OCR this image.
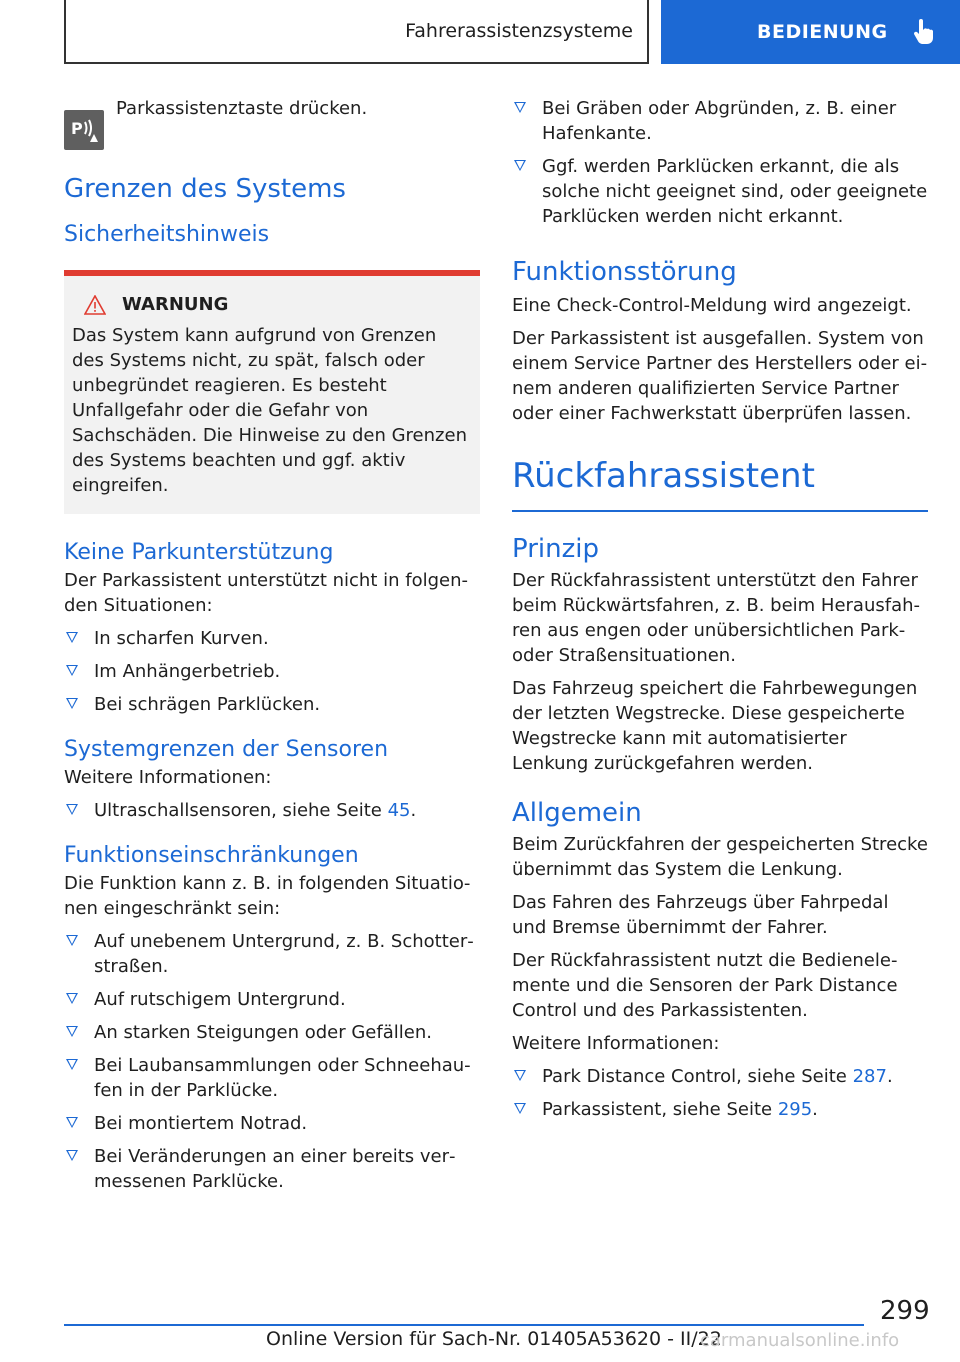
Fahrerassistenzsysteme	BEDIENUNG
P
Parkassistenztaste drücken.
Grenzen des Systems
Sicherheitshinweis
WARNUNG
Das System kann aufgrund von Grenzen des Systems nicht, zu spät, falsch oder unbegründet reagieren. Es besteht Unfallgefahr oder die Gefahr von Sachschäden. Die Hinweise zu den Grenzen des Systems beachten und ggf. aktiv eingreifen.
Keine Parkunterstützung
Der Parkassistent unterstützt nicht in folgenden Situationen:
In scharfen Kurven.
Im Anhängerbetrieb.
Bei schrägen Parklücken.
Systemgrenzen der Sensoren
Weitere Informationen:
Ultraschallsensoren, siehe Seite 45.
Funktionseinschränkungen
Die Funktion kann z. B. in folgenden Situationen eingeschränkt sein:
Auf unebenem Untergrund, z. B. Schotterstraßen.
Auf rutschigem Untergrund.
An starken Steigungen oder Gefällen.
Bei Laubansammlungen oder Schneehaufen in der Parklücke.
Bei montiertem Notrad.
Bei Veränderungen an einer bereits vermessenen Parklücke.
Bei Gräben oder Abgründen, z. B. einer Hafenkante.
Ggf. werden Parklücken erkannt, die als solche nicht geeignet sind, oder geeignete Parklücken werden nicht erkannt.
Funktionsstörung
Eine Check-Control-Meldung wird angezeigt.
Der Parkassistent ist ausgefallen. System von einem Service Partner des Herstellers oder einem anderen qualifizierten Service Partner oder einer Fachwerkstatt überprüfen lassen.
Rückfahrassistent
Prinzip
Der Rückfahrassistent unterstützt den Fahrer beim Rückwärtsfahren, z. B. beim Herausfahren aus engen oder unübersichtlichen Park- oder Straßensituationen.
Das Fahrzeug speichert die Fahrbewegungen der letzten Wegstrecke. Diese gespeicherte Wegstrecke kann mit automatisierter Lenkung zurückgefahren werden.
Allgemein
Beim Zurückfahren der gespeicherten Strecke übernimmt das System die Lenkung.
Das Fahren des Fahrzeugs über Fahrpedal und Bremse übernimmt der Fahrer.
Der Rückfahrassistent nutzt die Bedienelemente und die Sensoren der Park Distance Control und des Parkassistenten.
Weitere Informationen:
Park Distance Control, siehe Seite 287.
Parkassistent, siehe Seite 295.
299
Online Version für Sach-Nr. 01405A53620 - II/22
carmanualsonline.info
